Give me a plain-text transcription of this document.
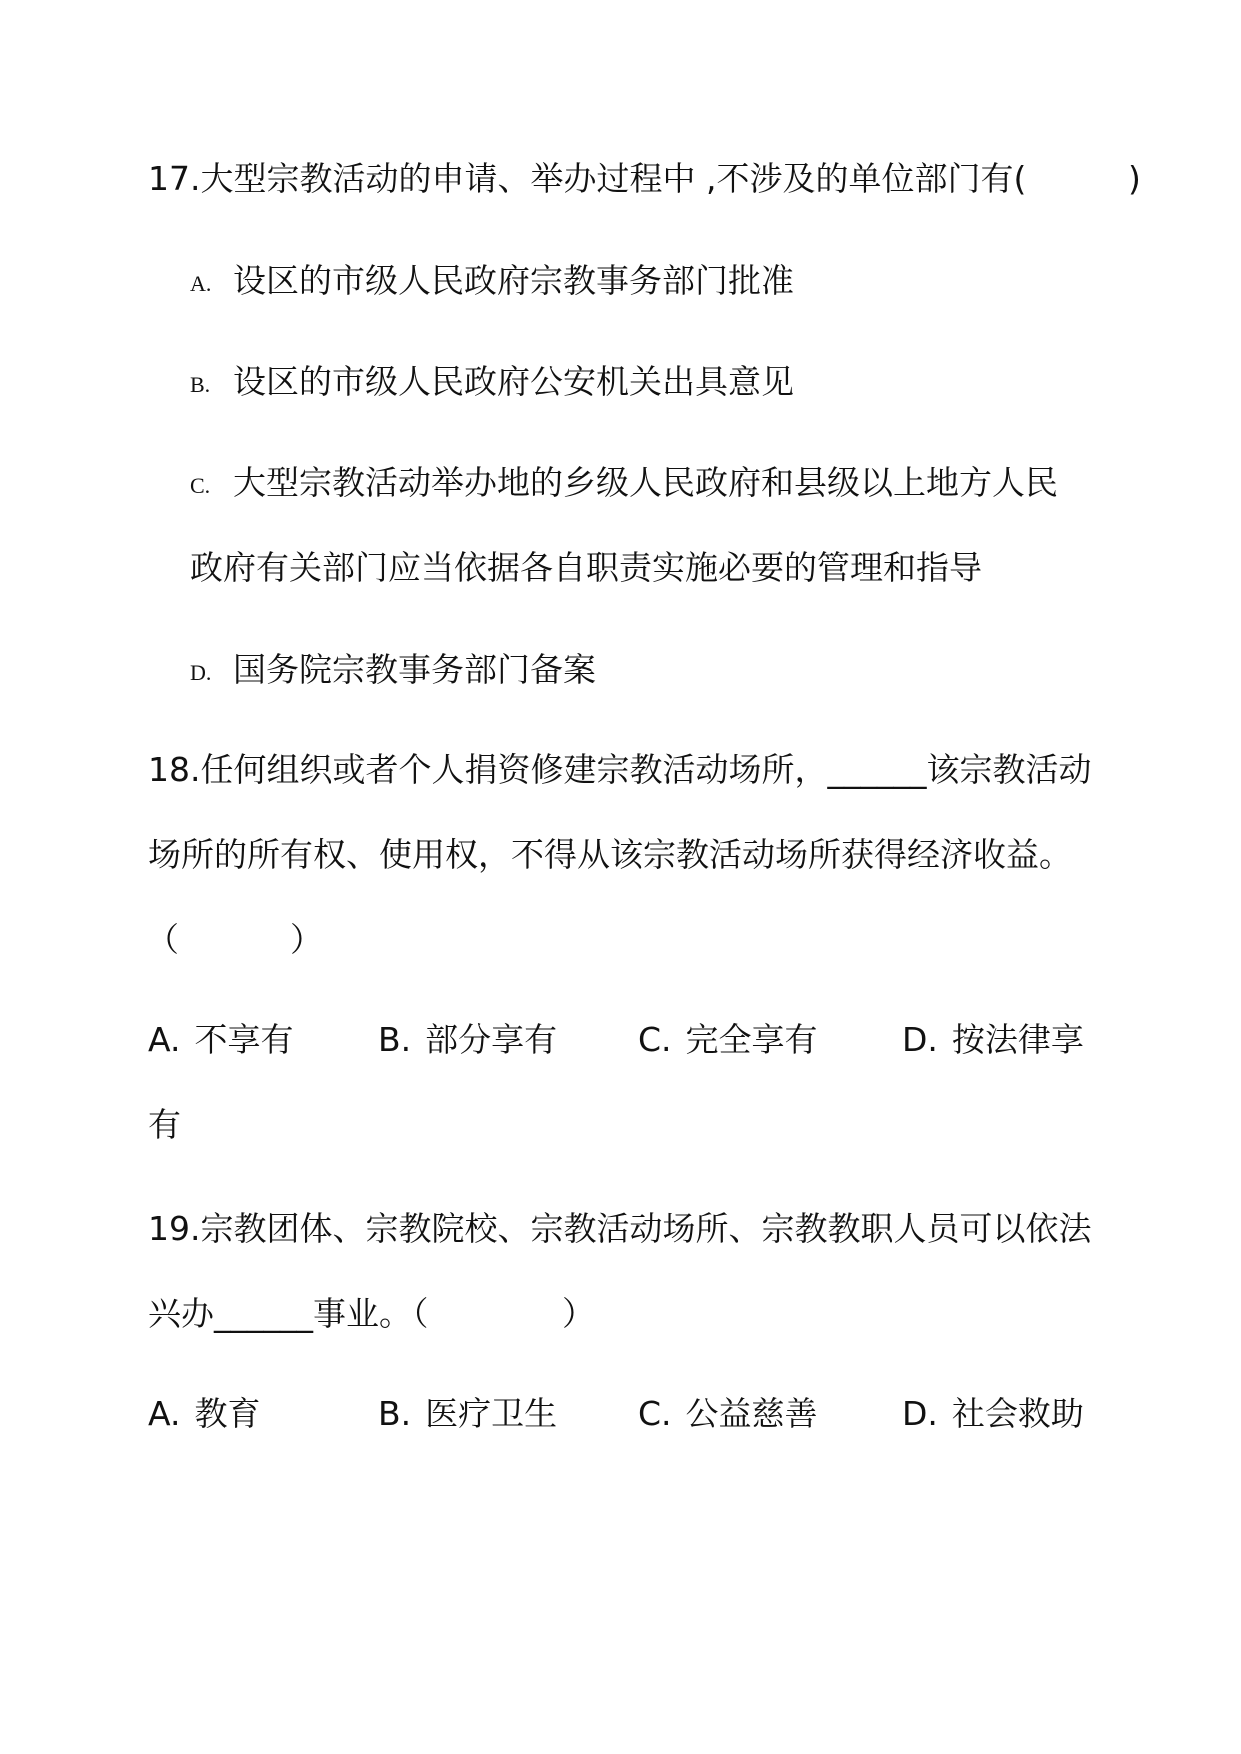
17.大型宗教活动的申请、举办过程中 ,不涉及的单位部门有(	)
A. 设区的市级人民政府宗教事务部门批准
B. 设区的市级人民政府公安机关出具意见
C. 大型宗教活动举办地的乡级人民政府和县级以上地方人民
政府有关部门应当依据各自职责实施必要的管理和指导
D. 国务院宗教事务部门备案
18.任何组织或者个人捐资修建宗教活动场所，______该宗教活动
场所的所有权、使用权，不得从该宗教活动场所获得经济收益。
（	）
A. 不享有	B. 部分享有 C. 完全享有	D. 按法律享
有
19.宗教团体、宗教院校、宗教活动场所、宗教教职人员可以依法
兴办______事业。（	）
A. 教育	B. 医疗卫生 C. 公益慈善	D. 社会救助
